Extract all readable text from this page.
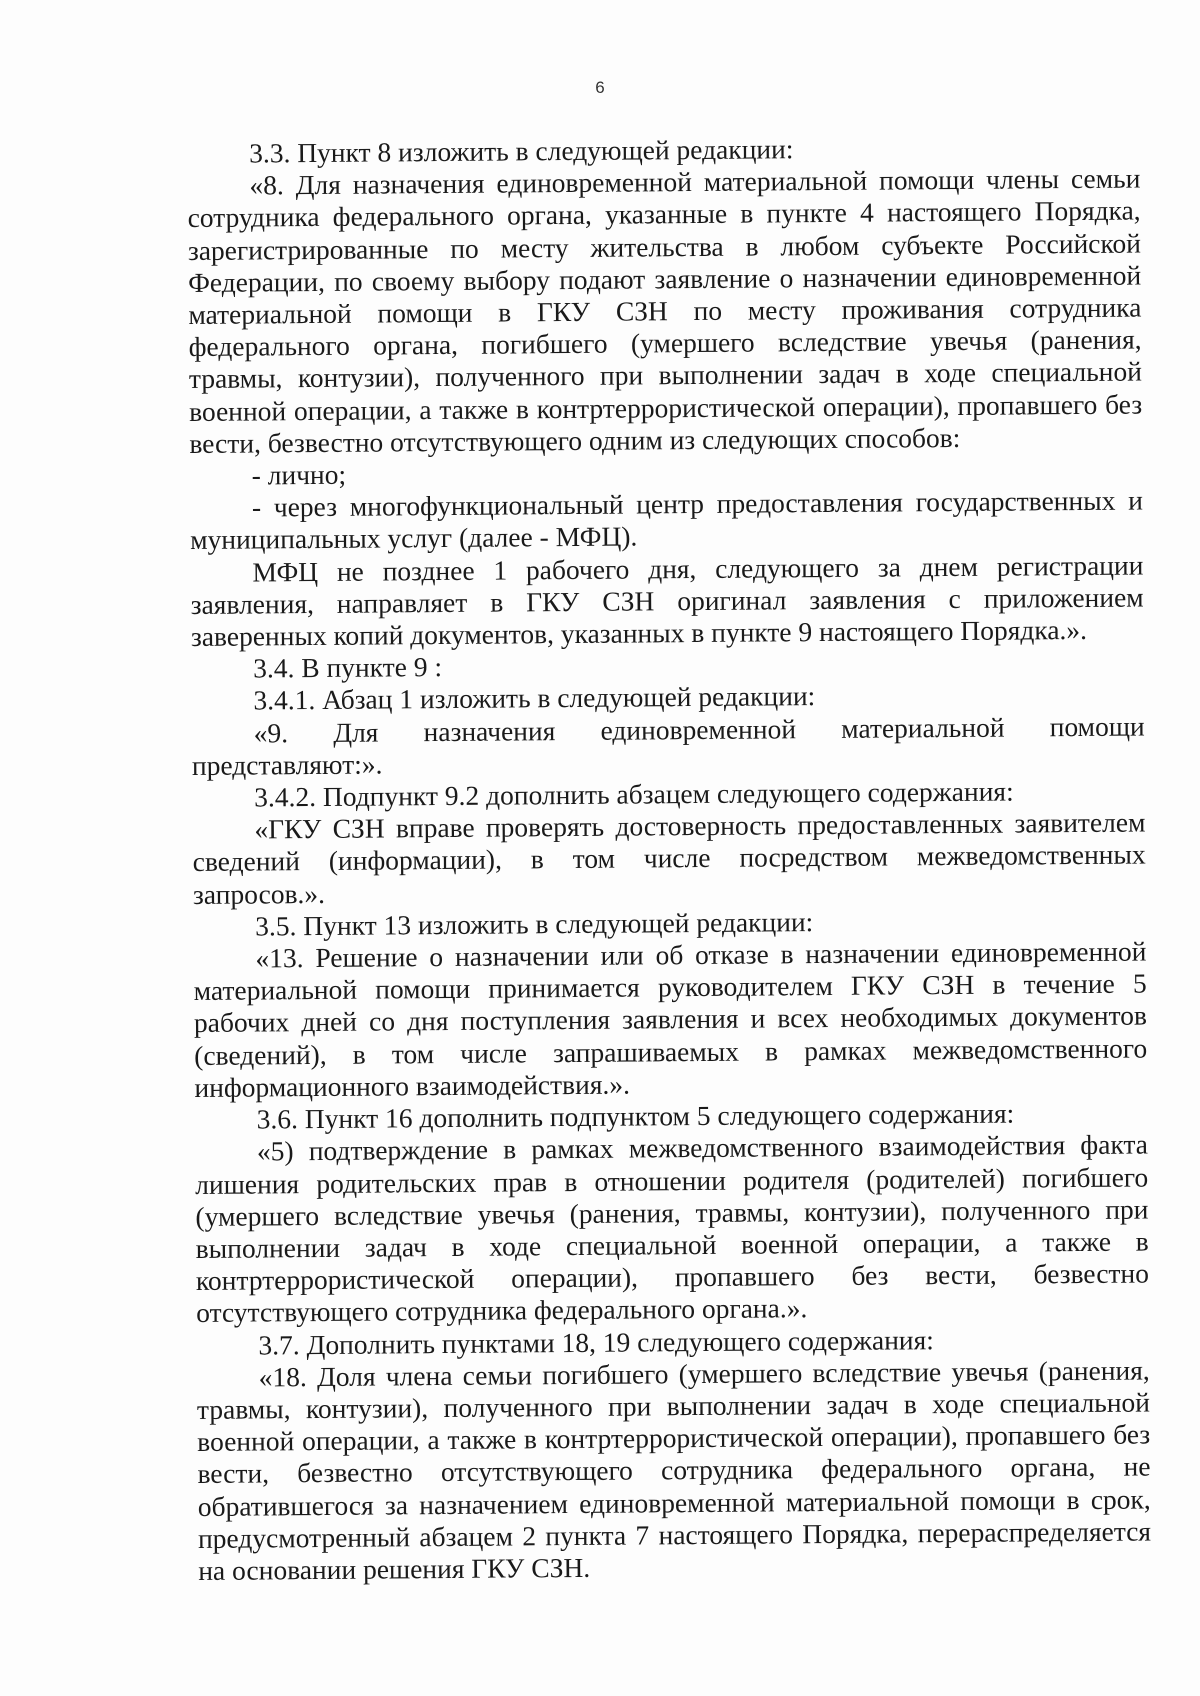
6

3.3. Пункт 8 изложить в следующей редакции:

«8. Для назначения единовременной материальной помощи члены семьи сотрудника федерального органа, указанные в пункте 4 настоящего Порядка, зарегистрированные по месту жительства в любом субъекте Российской Федерации, по своему выбору подают заявление о назначении единовременной материальной помощи в ГКУ СЗН по месту проживания сотрудника федерального органа, погибшего (умершего вследствие увечья (ранения, травмы, контузии), полученного при выполнении задач в ходе специальной военной операции, а также в контртеррористической операции), пропавшего без вести, безвестно отсутствующего одним из следующих способов:

- лично;

- через многофункциональный центр предоставления государственных и муниципальных услуг (далее - МФЦ).

МФЦ не позднее 1 рабочего дня, следующего за днем регистрации заявления, направляет в ГКУ СЗН оригинал заявления с приложением заверенных копий документов, указанных в пункте 9 настоящего Порядка.».

3.4. В пункте 9 :

3.4.1. Абзац 1 изложить в следующей редакции:

«9. Для назначения единовременной материальной помощи представляют:».

3.4.2. Подпункт 9.2 дополнить абзацем следующего содержания:

«ГКУ СЗН вправе проверять достоверность предоставленных заявителем сведений (информации), в том числе посредством межведомственных запросов.».

3.5. Пункт 13 изложить в следующей редакции:

«13. Решение о назначении или об отказе в назначении единовременной материальной помощи принимается руководителем ГКУ СЗН в течение 5 рабочих дней со дня поступления заявления и всех необходимых документов (сведений), в том числе запрашиваемых в рамках межведомственного информационного взаимодействия.».

3.6. Пункт 16 дополнить подпунктом 5 следующего содержания:

«5) подтверждение в рамках межведомственного взаимодействия факта лишения родительских прав в отношении родителя (родителей) погибшего (умершего вследствие увечья (ранения, травмы, контузии), полученного при выполнении задач в ходе специальной военной операции, а также в контртеррористической операции), пропавшего без вести, безвестно отсутствующего сотрудника федерального органа.».

3.7. Дополнить пунктами 18, 19 следующего содержания:

«18. Доля члена семьи погибшего (умершего вследствие увечья (ранения, травмы, контузии), полученного при выполнении задач в ходе специальной военной операции, а также в контртеррористической операции), пропавшего без вести, безвестно отсутствующего сотрудника федерального органа, не обратившегося за назначением единовременной материальной помощи в срок, предусмотренный абзацем 2 пункта 7 настоящего Порядка, перераспределяется на основании решения ГКУ СЗН.
